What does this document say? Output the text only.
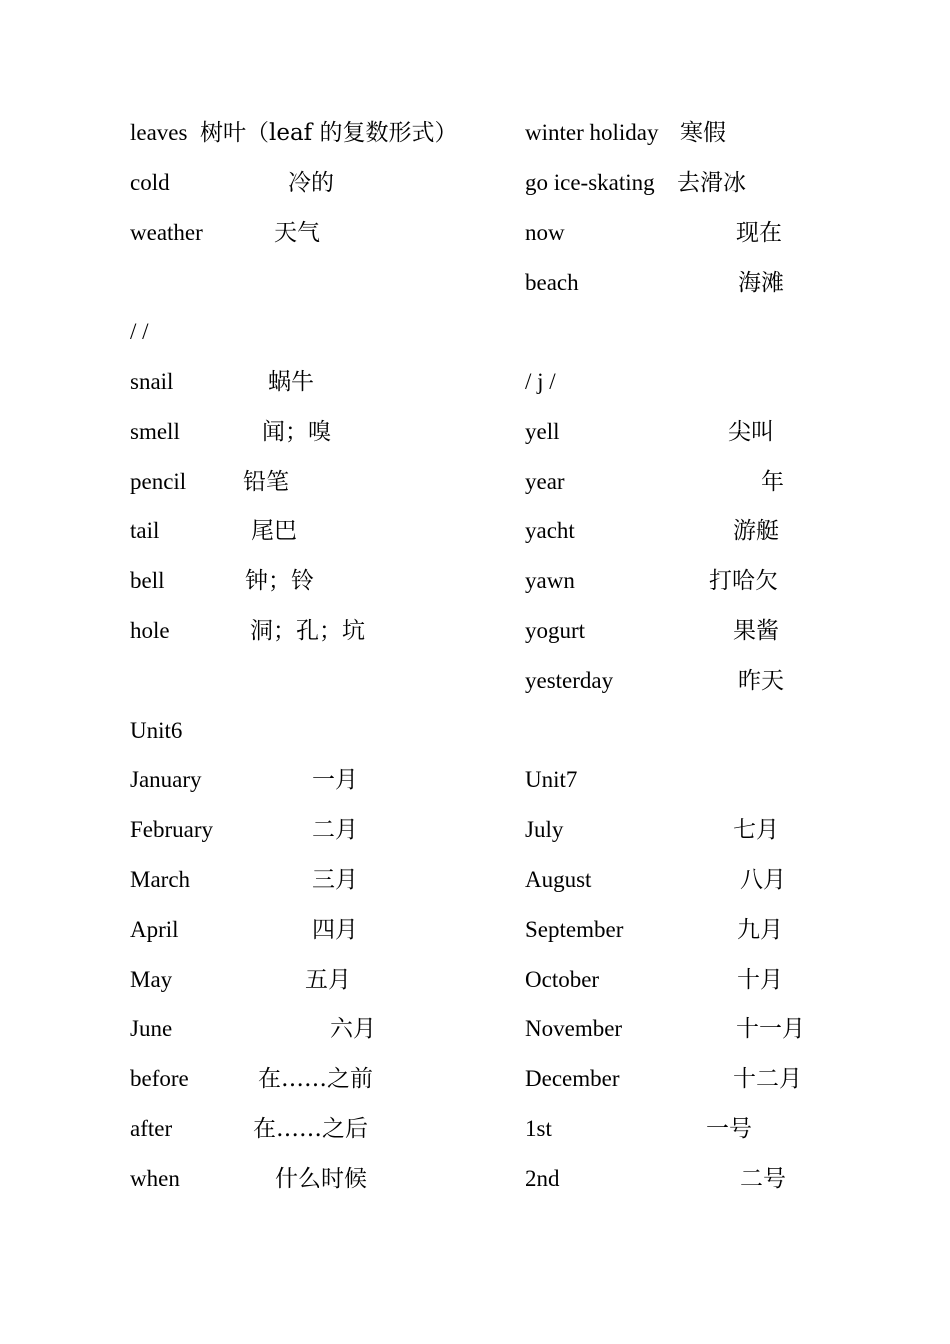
leaves 树叶（leaf 的复数形式）
cold	冷的
weather	天气
/ /
snail	蜗牛
smell	闻；嗅
pencil 铅笔
tail	尾巴
bell	钟；铃
hole	洞；孔；坑
Unit6
January	一月
February	二月
March	三月
April	四月
May	五月
June	六月
before	在……之前
after	在……之后
when	什么时候
winter holiday 寒假
go ice-skating 去滑冰
now	现在
beach	海滩
/ j /
yell	尖叫
year	年
yacht	游艇
yawn	打哈欠
yogurt	果酱
yesterday	昨天
Unit7
July	七月
August	八月
September	九月
October	十月
November	十一月
December	十二月
1st	一号
2nd	二号
